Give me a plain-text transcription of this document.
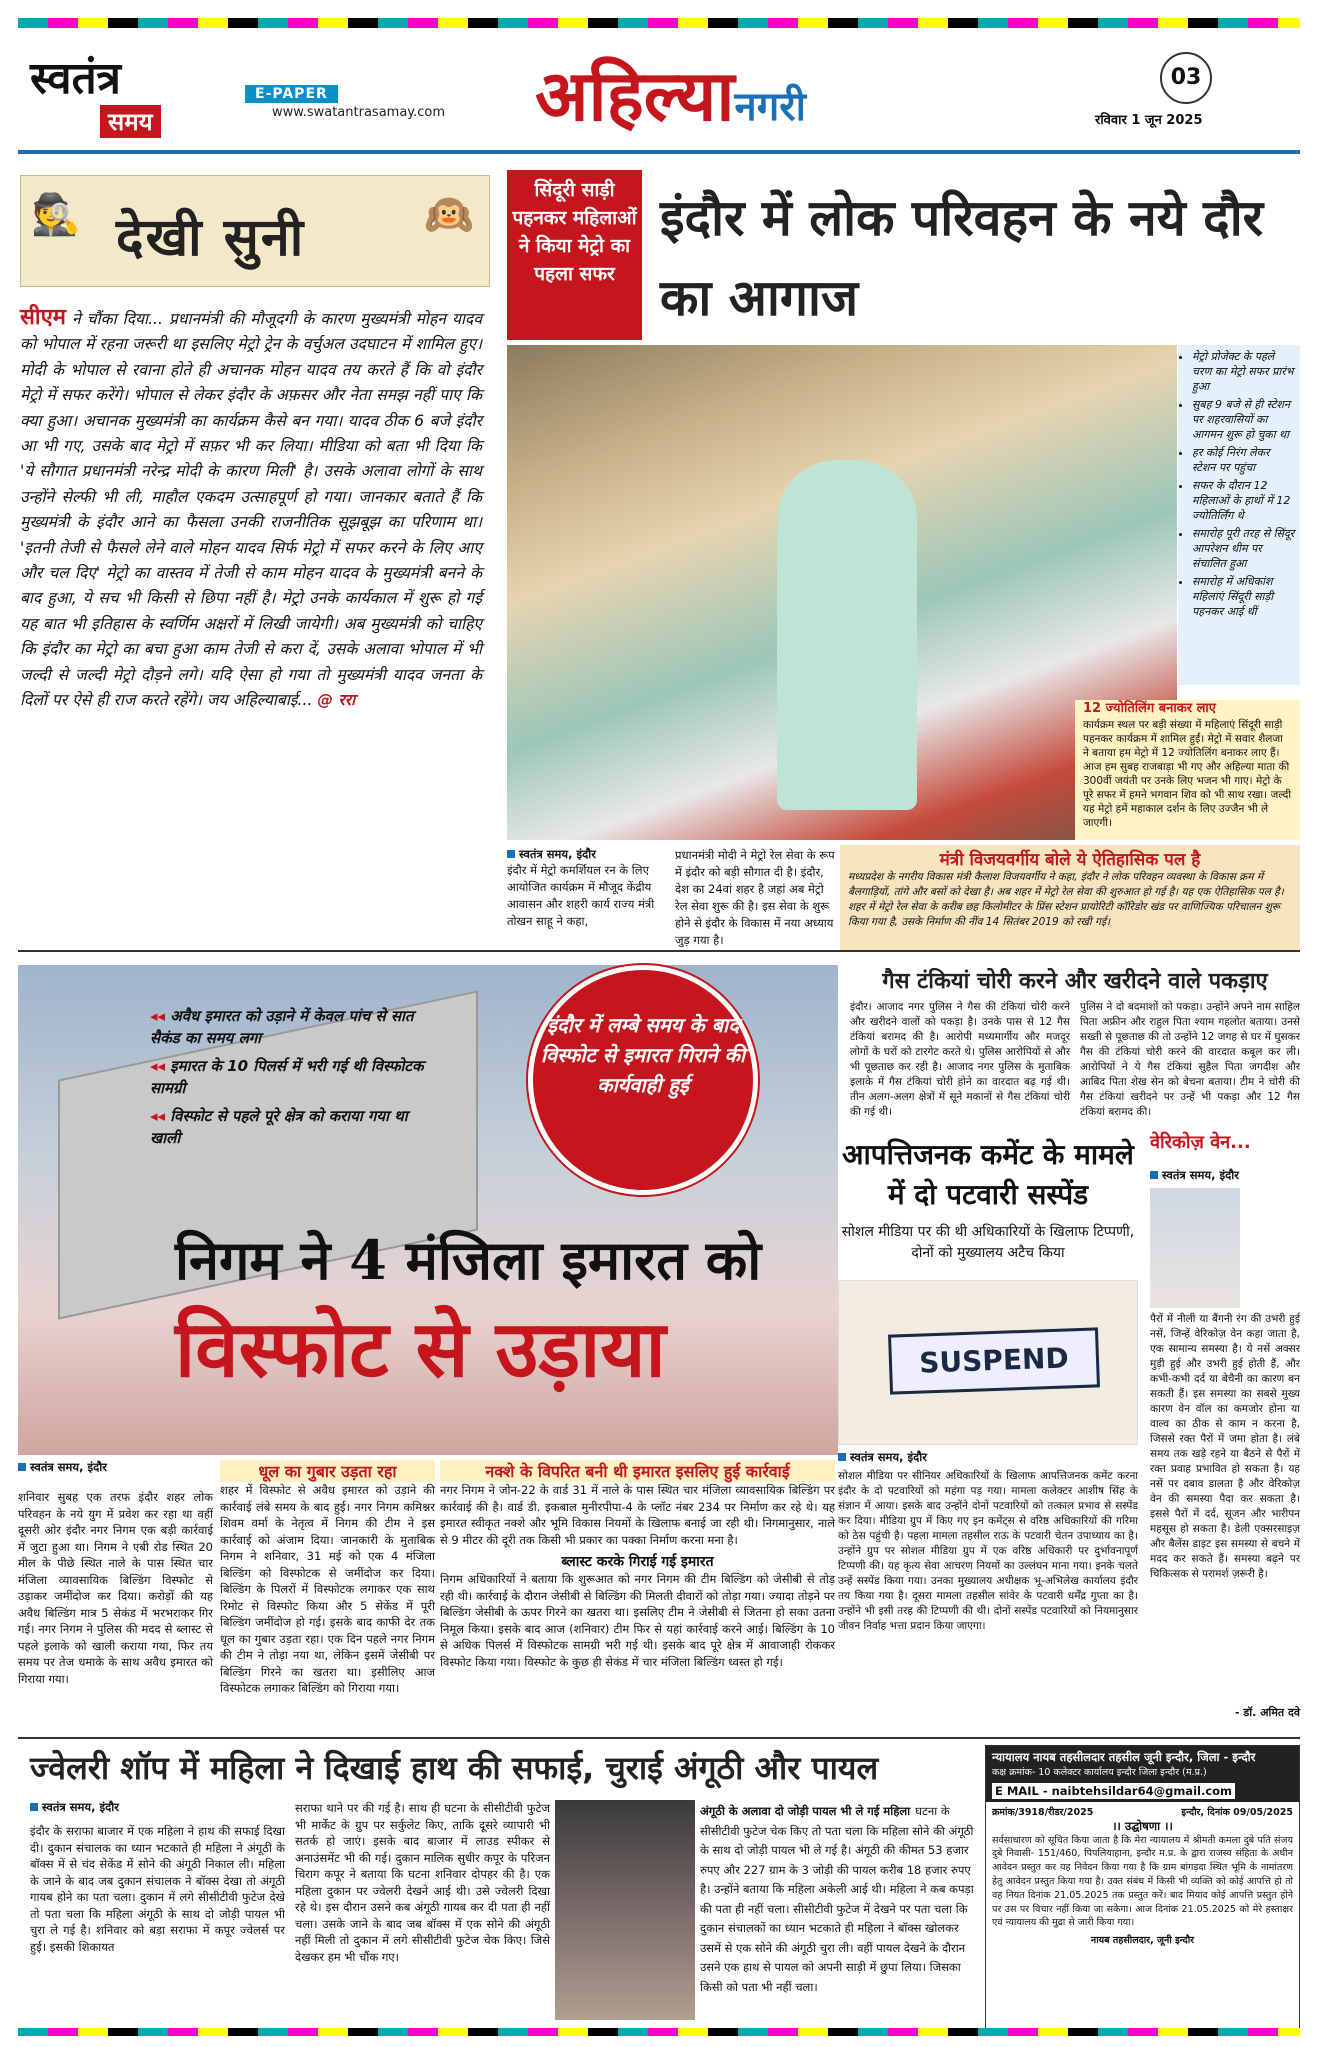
स्वतंत्र
समय
E-PAPER
www.swatantrasamay.com अहिल्यानगरी
03
रविवार 1 जून 2025
🕵 देखी सुनी	🙉
सीएम ने चौंका दिया... प्रधानमंत्री की मौजूदगी के कारण मुख्यमंत्री मोहन यादव को भोपाल में रहना जरूरी था इसलिए मेट्रो ट्रेन के वर्चुअल उदघाटन में शामिल हुए। मोदी के भोपाल से रवाना होते ही अचानक मोहन यादव तय करते हैं कि वो इंदौर मेट्रो में सफर करेंगे। भोपाल से लेकर इंदौर के अफ़सर और नेता समझ नहीं पाए कि क्या हुआ। अचानक मुख्यमंत्री का कार्यक्रम कैसे बन गया। यादव ठीक 6 बजे इंदौर आ भी गए, उसके बाद मेट्रो में सफ़र भी कर लिया। मीडिया को बता भी दिया कि 'ये सौगात प्रधानमंत्री नरेन्द्र मोदी के कारण मिली' है। उसके अलावा लोगों के साथ उन्होंने सेल्फी भी ली, माहौल एकदम उत्साहपूर्ण हो गया। जानकार बताते हैं कि मुख्यमंत्री के इंदौर आने का फैसला उनकी राजनीतिक सूझबूझ का परिणाम था। 'इतनी तेजी से फैसले लेने वाले मोहन यादव सिर्फ मेट्रो में सफर करने के लिए आए और चल दिए' मेट्रो का वास्तव में तेजी से काम मोहन यादव के मुख्यमंत्री बनने के बाद हुआ, ये सच भी किसी से छिपा नहीं है। मेट्रो उनके कार्यकाल में शुरू हो गई यह बात भी इतिहास के स्वर्णिम अक्षरों में लिखी जायेगी। अब मुख्यमंत्री को चाहिए कि इंदौर का मेट्रो का बचा हुआ काम तेजी से करा दें, उसके अलावा भोपाल में भी जल्दी से जल्दी मेट्रो दौड़ने लगे। यदि ऐसा हो गया तो मुख्यमंत्री यादव जनता के दिलों पर ऐसे ही राज करते रहेंगे। जय अहिल्याबाई... @ ररा
सिंदूरी साड़ी पहनकर महिलाओं ने किया मेट्रो का पहला सफर
इंदौर में लोक परिवहन के नये दौर का आगाज
• मेट्रो प्रोजेक्ट के पहले चरण का मेट्रो सफर प्रारंभ हुआ
• सुबह 9 बजे से ही स्टेशन पर शहरवासियों का आगमन शुरू हो चुका था
• हर कोई निरंग लेकर स्टेशन पर पहुंचा
• सफर के दौरान 12 महिलाओं के हाथों में 12 ज्योतिर्लिंग थे
• समारोह पूरी तरह से सिंदूर आपरेशन थीम पर संचालित हुआ
• समारोह में अधिकांश महिलाएं सिंदूरी साड़ी पहनकर आई थीं
12 ज्योतिलिंग बनाकर लाए
कार्यक्रम स्थल पर बड़ी संख्या में महिलाएं सिंदूरी साड़ी पहनकर कार्यक्रम में शामिल हुईं। मेट्रो में सवार शैलजा ने बताया हम मेट्रो में 12 ज्योतिलिंग बनाकर लाए हैं। आज हम सुबह राजबाड़ा भी गए और अहिल्या माता की 300वीं जयंती पर उनके लिए भजन भी गाए। मेट्रो के पूरे सफर में हमने भगवान शिव को भी साथ रखा। जल्दी यह मेट्रो हमें महाकाल दर्शन के लिए उज्जैन भी ले जाएगी।
स्वतंत्र समय, इंदौर
इंदौर में मेट्रो कमर्शियल रन के लिए आयोजित कार्यक्रम में मौजूद केंद्रीय आवासन और शहरी कार्य राज्य मंत्री तोखन साहू ने कहा,
प्रधानमंत्री मोदी ने मेट्रो रेल सेवा के रूप में इंदौर को बड़ी सौगात दी है। इंदौर, देश का 24वां शहर है जहां अब मेट्रो रेल सेवा शुरू की है। इस सेवा के शुरू होने से इंदौर के विकास में नया अध्याय जुड़ गया है।
मंत्री विजयवर्गीय बोले ये ऐतिहासिक पल है
मध्यप्रदेश के नगरीय विकास मंत्री कैलाश विजयवर्गीय ने कहा, इंदौर ने लोक परिवहन व्यवस्था के विकास क्रम में बैलगाड़ियों, तांगे और बसों को देखा है। अब शहर में मेट्रो रेल सेवा की शुरुआत हो गई है। यह एक ऐतिहासिक पल है। शहर में मेट्रो रेल सेवा के करीब छह किलोमीटर के प्रिंस स्टेशन प्रायोरिटी कॉरिडोर खंड पर वाणिज्यिक परिचालन शुरू किया गया है, उसके निर्माण की नींव 14 सितंबर 2019 को रखी गई।
◂◂ अवैध इमारत को उड़ाने में केवल पांच से सात सैकंड का समय लगा
◂◂ इमारत के 10 पिलर्स में भरी गई थी विस्फोटक सामग्री
◂◂ विस्फोट से पहले पूरे क्षेत्र को कराया गया था खाली
इंदौर में लम्बे समय के बाद विस्फोट से इमारत गिराने की कार्यवाही हुई
निगम ने 4 मंजिला इमारत को
विस्फोट से उड़ाया
स्वतंत्र समय, इंदौर
शनिवार सुबह एक तरफ इंदौर शहर लोक परिवहन के नये युग में प्रवेश कर रहा था वहीं दूसरी ओर इंदौर नगर निगम एक बड़ी कार्रवाई में जुटा हुआ था। निगम ने एबी रोड स्थित 20 मील के पीछे स्थित नाले के पास स्थित चार मंजिला व्यावसायिक बिल्डिंग विस्फोट से उड़ाकर जमींदोज कर दिया। करोड़ों की यह अवैध बिल्डिंग मात्र 5 सेकंड में भरभराकर गिर गई। नगर निगम ने पुलिस की मदद से ब्लास्ट से पहले इलाके को खाली कराया गया, फिर तय समय पर तेज धमाके के साथ अवैध इमारत को गिराया गया।
धूल का गुबार उड़ता रहा
शहर में विस्फोट से अवैध इमारत को उड़ाने की कार्रवाई लंबे समय के बाद हुई। नगर निगम कमिश्नर शिवम वर्मा के नेतृत्व में निगम की टीम ने इस कार्रवाई को अंजाम दिया। जानकारी के मुताबिक निगम ने शनिवार, 31 मई को एक 4 मंजिला बिल्डिंग को विस्फोटक से जमींदोज कर दिया। बिल्डिंग के पिलरों में विस्फोटक लगाकर एक साथ रिमोट से विस्फोट किया और 5 सेकेंड में पूरी बिल्डिंग जमींदोज हो गई। इसके बाद काफी देर तक धूल का गुबार उड़ता रहा। एक दिन पहले नगर निगम की टीम ने तोड़ा नया था, लेकिन इसमें जेसीबी पर बिल्डिंग गिरने का खतरा था। इसीलिए आज विस्फोटक लगाकर बिल्डिंग को गिराया गया।
नक्शे के विपरित बनी थी इमारत इसलिए हुई कार्रवाई
नगर निगम ने जोन-22 के वार्ड 31 में नाले के पास स्थित चार मंजिला व्यावसायिक बिल्डिंग पर कार्रवाई की है। वार्ड डी. इकबाल मुनीरपीपा-4 के प्लॉट नंबर 234 पर निर्माण कर रहे थे। यह इमारत स्वीकृत नक्शे और भूमि विकास नियमों के खिलाफ बनाई जा रही थी। निगमानुसार, नाले से 9 मीटर की दूरी तक किसी भी प्रकार का पक्का निर्माण करना मना है।
ब्लास्ट करके गिराई गई इमारत
निगम अधिकारियों ने बताया कि शुरूआत को नगर निगम की टीम बिल्डिंग को जेसीबी से तोड़ रही थी। कार्रवाई के दौरान जेसीबी से बिल्डिंग की मिलती दीवारों को तोड़ा गया। ज्यादा तोड़ने पर बिल्डिंग जेसीबी के ऊपर गिरने का खतरा था। इसलिए टीम ने जेसीबी से जितना हो सका उतना निमूल किया। इसके बाद आज (शनिवार) टीम फिर से यहां कार्रवाई करने आई। बिल्डिंग के 10 से अधिक पिलर्स में विस्फोटक सामग्री भरी गई थी। इसके बाद पूरे क्षेत्र में आवाजाही रोककर विस्फोट किया गया। विस्फोट के कुछ ही सेकंड में चार मंजिला बिल्डिंग ध्वस्त हो गई।
गैस टंकियां चोरी करने और खरीदने वाले पकड़ाए
इंदौर। आजाद नगर पुलिस ने गैस की टंकियां चोरी करने और खरीदने वालों को पकड़ा है। उनके पास से 12 गैस टंकियां बरामद की है। आरोपी मध्यमार्गीय और मजदूर लोगों के घरों को टारगेट करते थे। पुलिस आरोपियों से और भी पूछताछ कर रही है। आजाद नगर पुलिस के मुताबिक इलाके में गैस टंकियां चोरी होने का वारदात बढ़ गई थी। तीन अलग-अलग क्षेत्रों में सूने मकानों से गैस टंकियां चोरी की गई थी।
पुलिस ने दो बदमाशों को पकड़ा। उन्होंने अपने नाम साहिल पिता अफ्रीन और राहुल पिता श्याम गहलोत बताया। उनसे सख्ती से पूछताछ की तो उन्होंने 12 जगह से घर में घुसकर गैस की टंकियां चोरी करने की वारदात कबूल कर ली। आरोपियों ने ये गैस टंकियां सुहैल पिता जगदीश और आबिद पिता शेख सेन को बेचना बताया। टीम ने चोरी की गैस टंकियां खरीदने पर उन्हें भी पकड़ा और 12 गैस टंकियां बरामद की।
आपत्तिजनक कमेंट के मामले में दो पटवारी सस्पेंड
सोशल मीडिया पर की थी अधिकारियों के खिलाफ टिप्पणी, दोनों को मुख्यालय अटैच किया
SUSPEND
स्वतंत्र समय, इंदौर
सोशल मीडिया पर सीनियर अधिकारियों के खिलाफ आपत्तिजनक कमेंट करना इंदौर के दो पटवारियों को महंगा पड़ गया। मामला कलेक्टर आशीष सिंह के संज्ञान में आया। इसके बाद उन्होंने दोनों पटवारियों को तत्काल प्रभाव से सस्पेंड कर दिया। मीडिया ग्रुप में किए गए इन कमेंट्स से वरिष्ठ अधिकारियों की गरिमा को ठेस पहुंची है। पहला मामला तहसील राऊ के पटवारी चेतन उपाध्याय का है। उन्होंने ग्रुप पर सोशल मीडिया ग्रुप में एक वरिष्ठ अधिकारी पर दुर्भावनापूर्ण टिप्पणी की। यह कृत्य सेवा आचरण नियमों का उल्लंघन माना गया। इनके चलते उन्हें सस्पेंड किया गया। उनका मुख्यालय अधीक्षक भू-अभिलेख कार्यालय इंदौर तय किया गया है। दूसरा मामला तहसील सांवेर के पटवारी धर्मेंद्र गुप्ता का है। उन्होंने भी इसी तरह की टिप्पणी की थी। दोनों सस्पेंड पटवारियों को नियमानुसार जीवन निर्वाह भत्ता प्रदान किया जाएगा।
वेरिकोज़ वेन...
स्वतंत्र समय, इंदौर
पैरों में नीली या बैंगनी रंग की उभरी हुई नसें, जिन्हें वेरिकोज़ वेन कहा जाता है, एक सामान्य समस्या है। ये नसें अक्सर मुड़ी हुई और उभरी हुई होती हैं, और कभी-कभी दर्द या बेचैनी का कारण बन सकती हैं। इस समस्या का सबसे मुख्य कारण वेन वॉल का कमजोर होना या वाल्व का ठीक से काम न करना है, जिससे रक्त पैरों में जमा होता है। लंबे समय तक खड़े रहने या बैठने से पैरों में रक्त प्रवाह प्रभावित हो सकता है। यह नसें पर दबाव डालता है और वेरिकोज़ वेन की समस्या पैदा कर सकता है। इससे पैरों में दर्द, सूजन और भारीपन महसूस हो सकता है। डेली एक्सरसाइज़ और बैलेंस डाइट इस समस्या से बचने में मदद कर सकते हैं। समस्या बढ़ने पर चिकित्सक से परामर्श ज़रूरी है।
- डॉ. अमित दवे
ज्वेलरी शॉप में महिला ने दिखाई हाथ की सफाई, चुराई अंगूठी और पायल
स्वतंत्र समय, इंदौर
इंदौर के सराफा बाजार में एक महिला ने हाथ की सफाई दिखा दी। दुकान संचालक का ध्यान भटकाते ही महिला ने अंगूठी के बॉक्स में से चंद सेकेंड में सोने की अंगूठी निकाल ली। महिला के जाने के बाद जब दुकान संचालक ने बॉक्स देखा तो अंगूठी गायब होने का पता चला। दुकान में लगे सीसीटीवी फुटेज देखे तो पता चला कि महिला अंगूठी के साथ दो जोड़ी पायल भी चुरा ले गई है। शनिवार को बड़ा सराफा में कपूर ज्वेलर्स पर हुई। इसकी शिकायत
सराफा थाने पर की गई है। साथ ही घटना के सीसीटीवी फुटेज भी मार्केट के ग्रुप पर सर्कुलेट किए, ताकि दूसरे व्यापारी भी सतर्क हो जाएं। इसके बाद बाजार में लाउड स्पीकर से अनाउंसमेंट भी की गई। दुकान मालिक सुधीर कपूर के परिजन चिराग कपूर ने बताया कि घटना शनिवार दोपहर की है। एक महिला दुकान पर ज्वेलरी देखने आई थी। उसे ज्वेलरी दिखा रहे थे। इस दौरान उसने कब अंगूठी गायब कर दी पता ही नहीं चला। उसके जाने के बाद जब बॉक्स में एक सोने की अंगूठी नहीं मिली तो दुकान में लगे सीसीटीवी फुटेज चेक किए। जिसे देखकर हम भी चौंक गए।
अंगूठी के अलावा दो जोड़ी पायल भी ले गई महिला घटना के सीसीटीवी फुटेज चेक किए तो पता चला कि महिला सोने की अंगूठी के साथ दो जोड़ी पायल भी ले गई है। अंगूठी की कीमत 53 हजार रुपए और 227 ग्राम के 3 जोड़ी की पायल करीब 18 हजार रुपए है। उन्होंने बताया कि महिला अकेली आई थी। महिला ने कब कपड़ा की पता ही नहीं चला। सीसीटीवी फुटेज में देखने पर पता चला कि दुकान संचालकों का ध्यान भटकाते ही महिला ने बॉक्स खोलकर उसमें से एक सोने की अंगूठी चुरा ली। वहीं पायल देखने के दौरान उसने एक हाथ से पायल को अपनी साड़ी में छुपा लिया। जिसका किसी को पता भी नहीं चला।
न्यायालय नायब तहसीलदार तहसील जूनी इन्दौर, जिला - इन्दौर
कक्ष क्रमांक- 10 कलेक्टर कार्यालय इन्दौर जिला इन्दौर (म.प्र.)
E MAIL - naibtehsildar64@gmail.com
क्रमांक/3918/रीडर/2025	इन्दौर, दिनांक 09/05/2025
।। उद्घोषणा ।।
सर्वसाधारण को सूचित किया जाता है कि मेरा न्यायालय में श्रीमती कमला दुबे पति संजय दुबे निवासी- 151/460, पिपलियाहाना, इन्दौर म.प्र. के द्वारा राजस्व संहिता के अधीन आवेदन प्रस्तुत कर यह निवेदन किया गया है कि ग्राम बांगड़दा स्थित भूमि के नामांतरण हेतु आवेदन प्रस्तुत किया गया है। उक्त संबंध में किसी भी व्यक्ति को कोई आपत्ति हो तो वह नियत दिनांक 21.05.2025 तक प्रस्तुत करें। बाद मियाद कोई आपत्ति प्रस्तुत होने पर उस पर विचार नहीं किया जा सकेगा। आज दिनांक 21.05.2025 को मेरे हस्ताक्षर एवं न्यायालय की मुद्रा से जारी किया गया।
नायब तहसीलदार, जूनी इन्दौर
